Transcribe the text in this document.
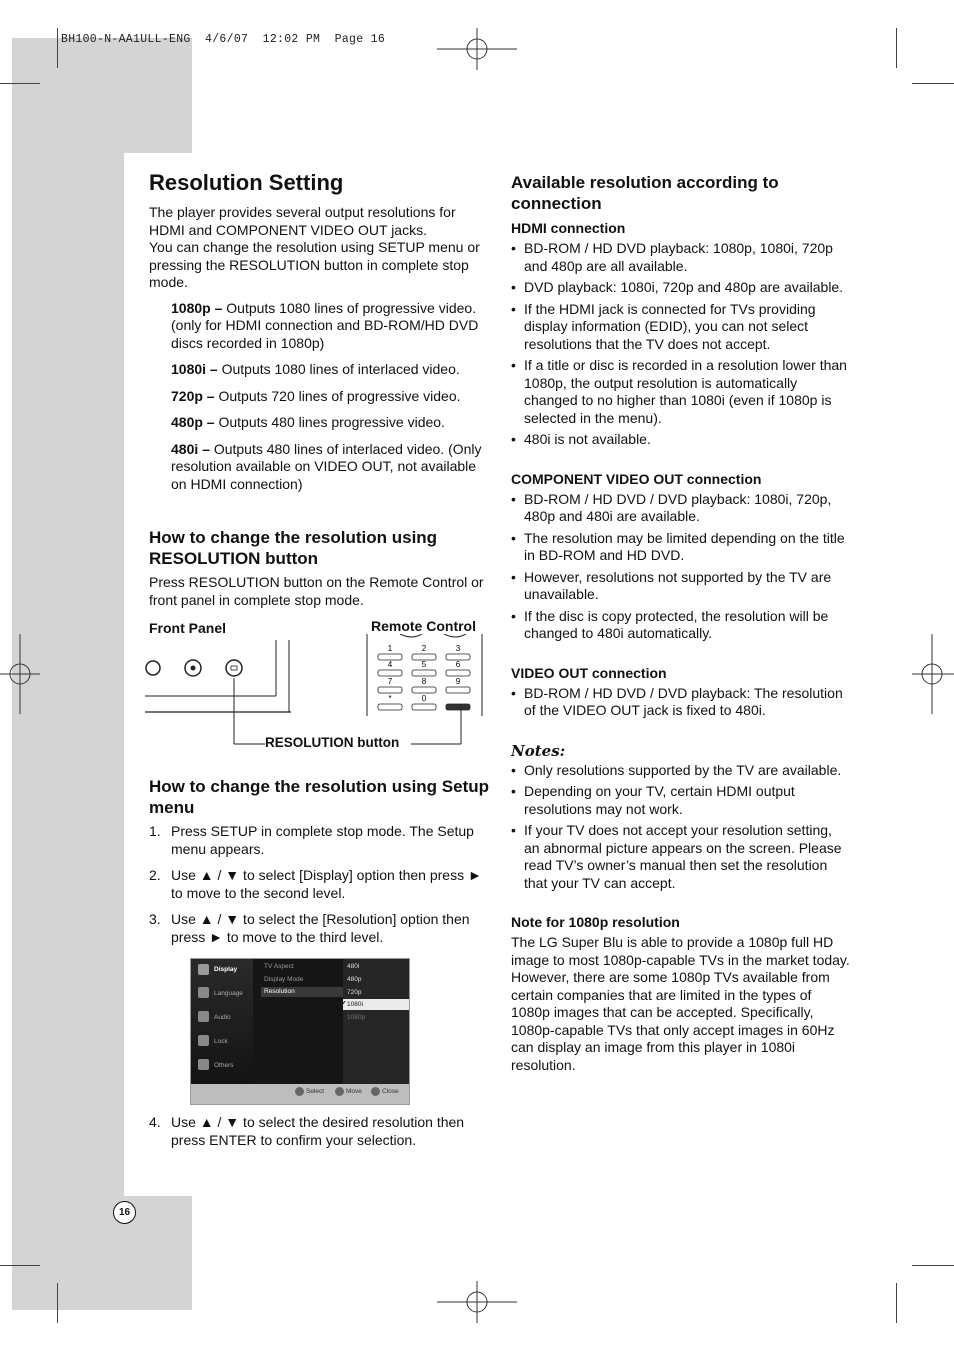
BH100-N-AA1ULL-ENG  4/6/07  12:02 PM  Page 16
Resolution Setting
The player provides several output resolutions for HDMI and COMPONENT VIDEO OUT jacks.
You can change the resolution using SETUP menu or pressing the RESOLUTION button in complete stop mode.
1080p – Outputs 1080 lines of progressive video. (only for HDMI connection and BD-ROM/HD DVD discs recorded in 1080p)
1080i – Outputs 1080 lines of interlaced video.
720p – Outputs 720 lines of progressive video.
480p – Outputs 480 lines progressive video.
480i – Outputs 480 lines of interlaced video. (Only resolution available on VIDEO OUT, not available on HDMI connection)
How to change the resolution using RESOLUTION button
Press RESOLUTION button on the Remote Control or front panel in complete stop mode.
Front Panel	Remote Control
1	2	3
4	5	6
7	8	9
*	0
RESOLUTION button
How to change the resolution using Setup menu
1. Press SETUP in complete stop mode. The Setup menu appears.
2. Use ▲ / ▼ to select [Display] option then press ► to move to the second level.
3. Use ▲ / ▼ to select the [Resolution] option then press ► to move to the third level.
Display
Language
Audio
Lock
Others
TV Aspect
Display Mode
Resolution
480i
480p
720p
✔ 1080i
1080p
Select	Move	Close
4. Use ▲ / ▼ to select the desired resolution then press ENTER to confirm your selection.
16
Available resolution according to connection
HDMI connection
• BD-ROM / HD DVD playback: 1080p, 1080i, 720p and 480p are all available.
• DVD playback: 1080i, 720p and 480p are available.
• If the HDMI jack is connected for TVs providing display information (EDID), you can not select resolutions that the TV does not accept.
• If a title or disc is recorded in a resolution lower than 1080p, the output resolution is automatically changed to no higher than 1080i (even if 1080p is selected in the menu).
• 480i is not available.
COMPONENT VIDEO OUT connection
• BD-ROM / HD DVD / DVD playback: 1080i, 720p, 480p and 480i are available.
• The resolution may be limited depending on the title in BD-ROM and HD DVD.
• However, resolutions not supported by the TV are unavailable.
• If the disc is copy protected, the resolution will be changed to 480i automatically.
VIDEO OUT connection
• BD-ROM / HD DVD / DVD playback: The resolution of the VIDEO OUT jack is fixed to 480i.
Notes:
• Only resolutions supported by the TV are available.
• Depending on your TV, certain HDMI output resolutions may not work.
• If your TV does not accept your resolution setting, an abnormal picture appears on the screen. Please read TV’s owner’s manual then set the resolution that your TV can accept.
Note for 1080p resolution
The LG Super Blu is able to provide a 1080p full HD image to most 1080p-capable TVs in the market today.
However, there are some 1080p TVs available from certain companies that are limited in the types of 1080p images that can be accepted. Specifically, 1080p-capable TVs that only accept images in 60Hz can display an image from this player in 1080i resolution.
